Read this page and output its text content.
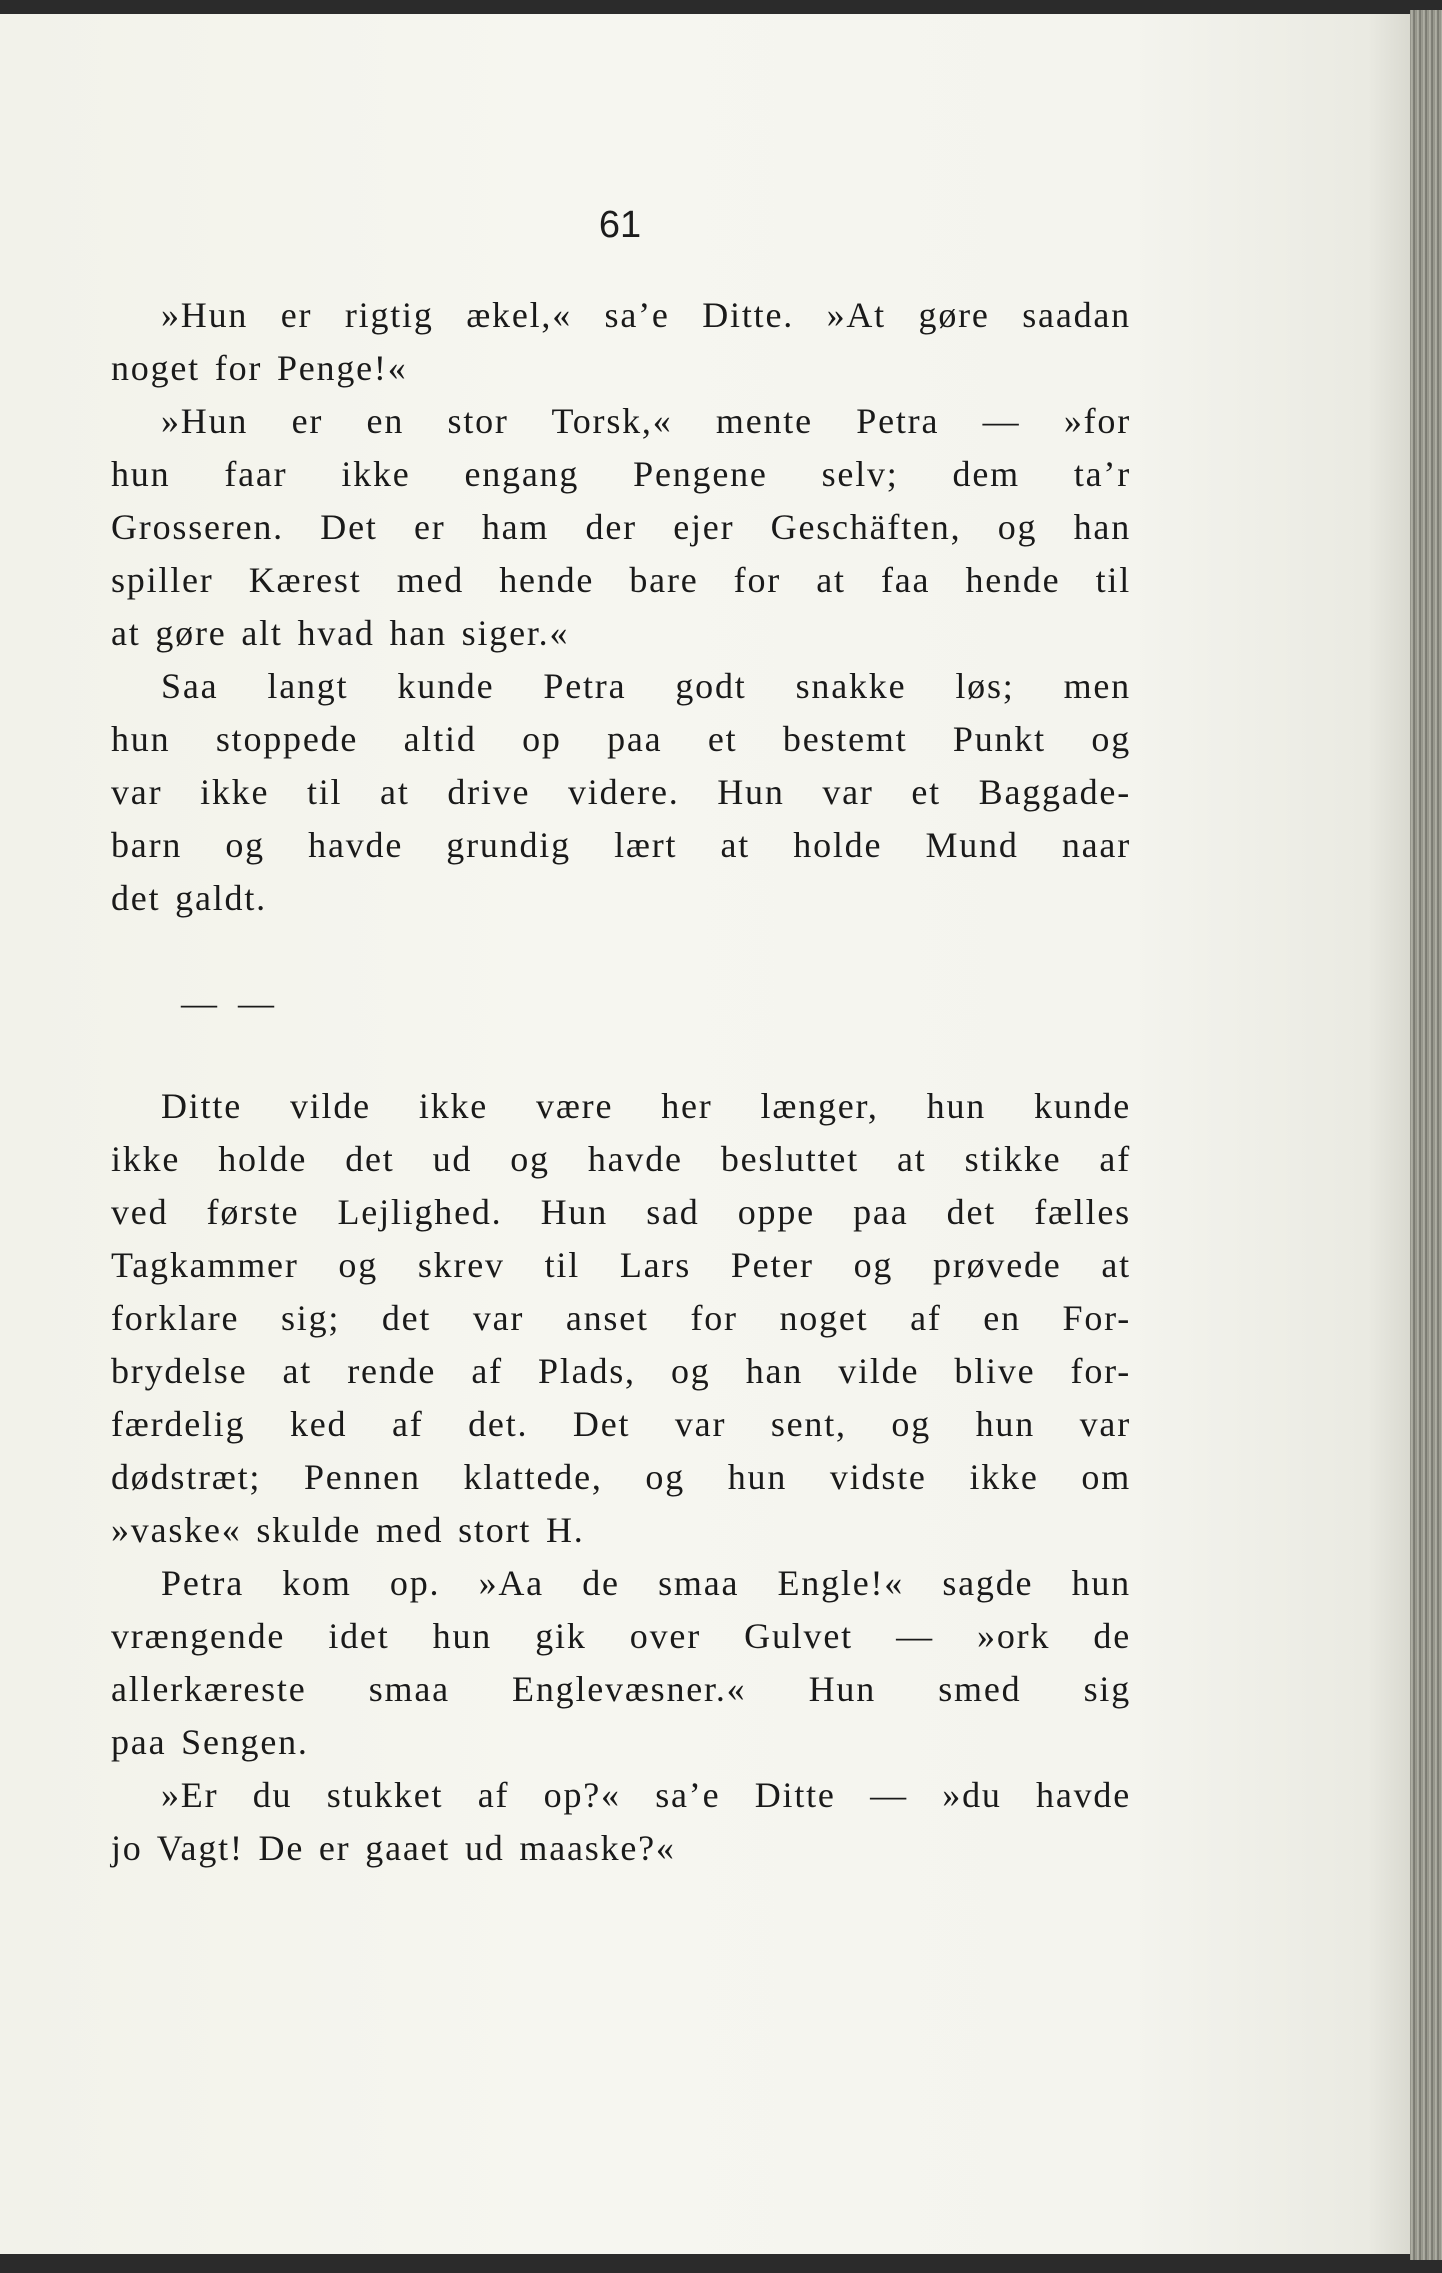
61

»Hun er rigtig ækel,« sa’e Ditte. »At gøre saadan
noget for Penge!«

»Hun er en stor Torsk,« mente Petra — »for
hun faar ikke engang Pengene selv; dem ta’r
Grosseren. Det er ham der ejer Geschäften, og han
spiller Kærest med hende bare for at faa hende til
at gøre alt hvad han siger.«

Saa langt kunde Petra godt snakke løs; men
hun stoppede altid op paa et bestemt Punkt og
var ikke til at drive videre. Hun var et Baggade-
barn og havde grundig lært at holde Mund naar
det galdt.

— —

Ditte vilde ikke være her længer, hun kunde
ikke holde det ud og havde besluttet at stikke af
ved første Lejlighed. Hun sad oppe paa det fælles
Tagkammer og skrev til Lars Peter og prøvede at
forklare sig; det var anset for noget af en For-
brydelse at rende af Plads, og han vilde blive for-
færdelig ked af det. Det var sent, og hun var
dødstræt; Pennen klattede, og hun vidste ikke om
»vaske« skulde med stort H.

Petra kom op. »Aa de smaa Engle!« sagde hun
vrængende idet hun gik over Gulvet — »ork de
allerkæreste smaa Englevæsner.« Hun smed sig
paa Sengen.

»Er du stukket af op?« sa’e Ditte — »du havde
jo Vagt! De er gaaet ud maaske?«
